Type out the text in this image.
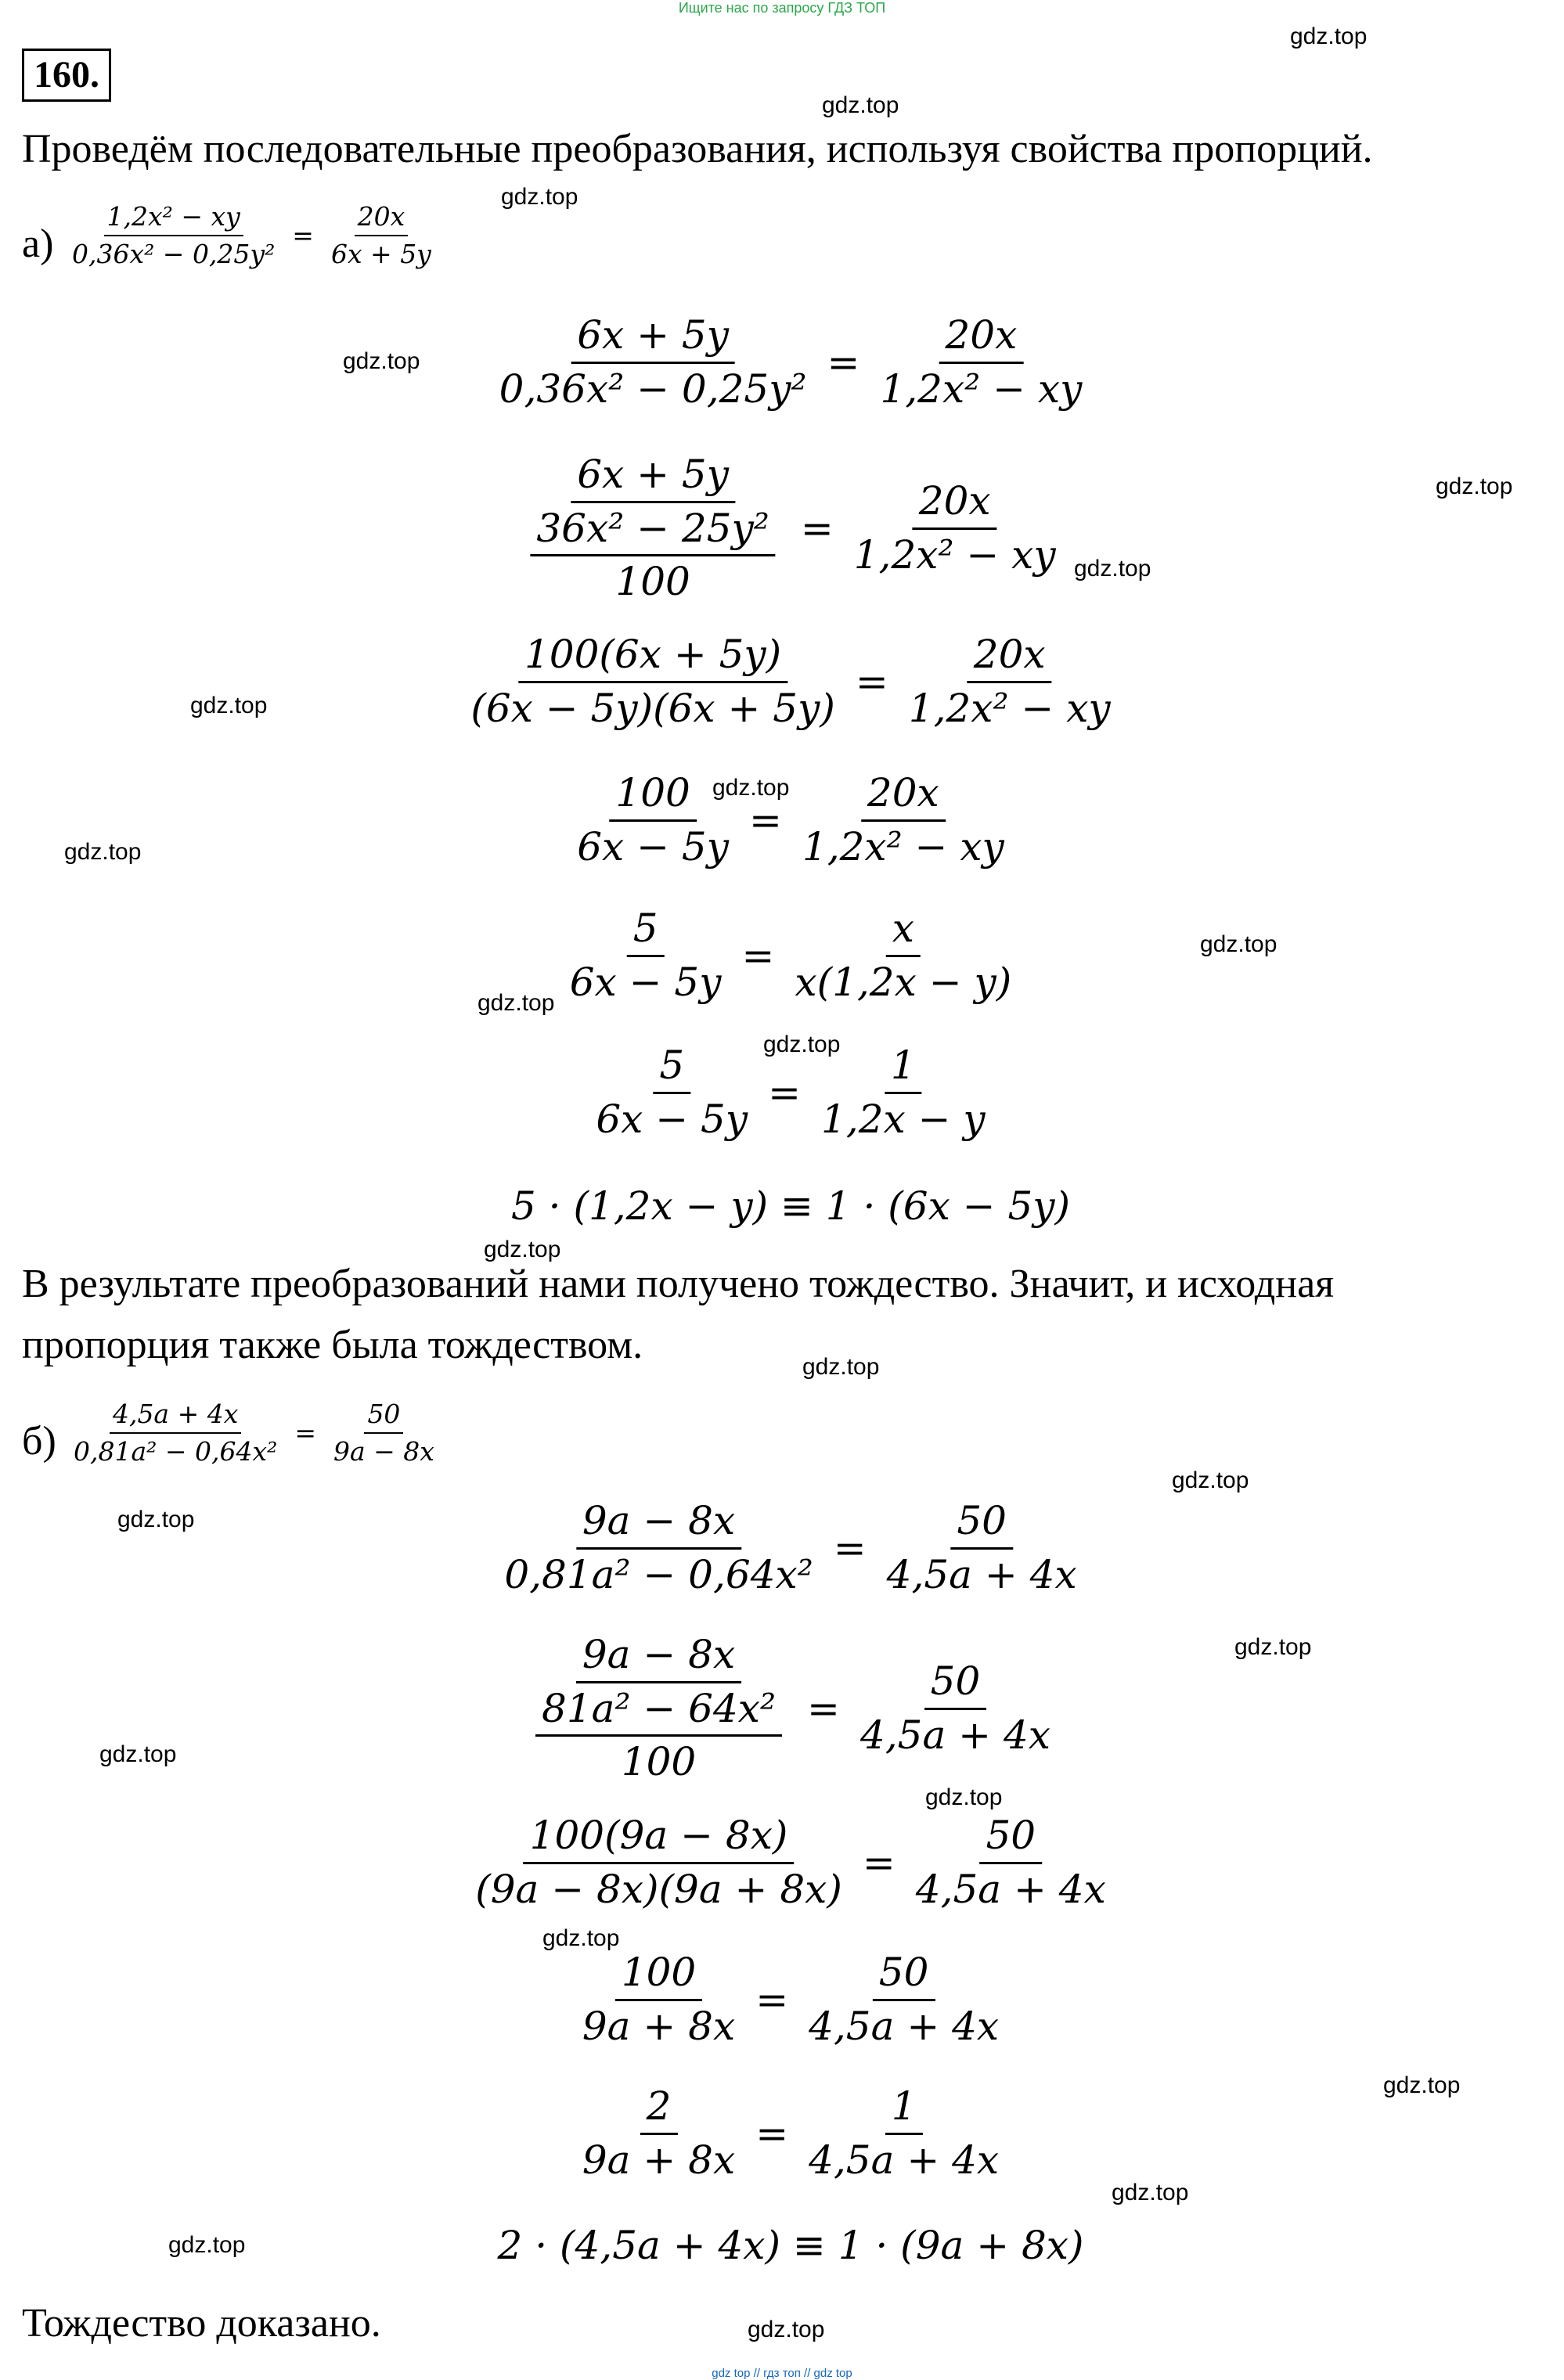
Ищите нас по запросу ГДЗ ТОП
160.
Проведём последовательные преобразования, используя свойства пропорций.
$а) \frac{\text{1,2x² − xy}}{\text{0,36x² − 0,25y²}} = \frac{20x}{6x + 5y}$
$\frac{6x + 5y}{\text{0,36x² − 0,25y²}} = \frac{20x}{\text{1,2x² − xy}}$
$\frac{6x + 5y}{\frac{\text{36x² − 25y²}}{100}} = \frac{20x}{\text{1,2x² − xy}}$
$\frac{100(6x + 5y)}{(6x - 5y)(6x + 5y)} = \frac{20x}{\text{1,2x² − xy}}$
$\frac{100}{6x - 5y} = \frac{20x}{\text{1,2x² − xy}}$
$\frac{5}{6x - 5y} = \frac{x}{x(1,2x - y)}$
$\frac{5}{6x - 5y} = \frac{1}{1,2x - y}$
5 · (1,2x − y) ≡ 1 · (6x − 5y)
В результате преобразований нами получено тождество. Значит, и исходная
пропорция также была тождеством.
$б) \frac{4,5a + 4x}{\text{0,81a² − 0,64x²}} = \frac{50}{9a - 8x}$
$\frac{9a - 8x}{\text{0,81a² − 0,64x²}} = \frac{50}{4,5a + 4x}$
$\frac{9a - 8x}{\frac{\text{81a² − 64x²}}{100}} = \frac{50}{4,5a + 4x}$
$\frac{100(9a - 8x)}{(9a - 8x)(9a + 8x)} = \frac{50}{4,5a + 4x}$
$\frac{100}{9a + 8x} = \frac{50}{4,5a + 4x}$
$\frac{2}{9a + 8x} = \frac{1}{4,5a + 4x}$
2 · (4,5a + 4x) ≡ 1 · (9a + 8x)
Тождество доказано.
gdz.top
gdz.top
gdz.top
gdz.top
gdz.top
gdz.top
gdz.top
gdz.top
gdz.top
gdz.top
gdz.top
gdz.top
gdz.top
gdz.top
gdz.top
gdz.top
gdz.top
gdz.top
gdz.top
gdz.top
gdz.top
gdz.top
gdz.top
gdz.top
gdz top // гдз топ // gdz top
